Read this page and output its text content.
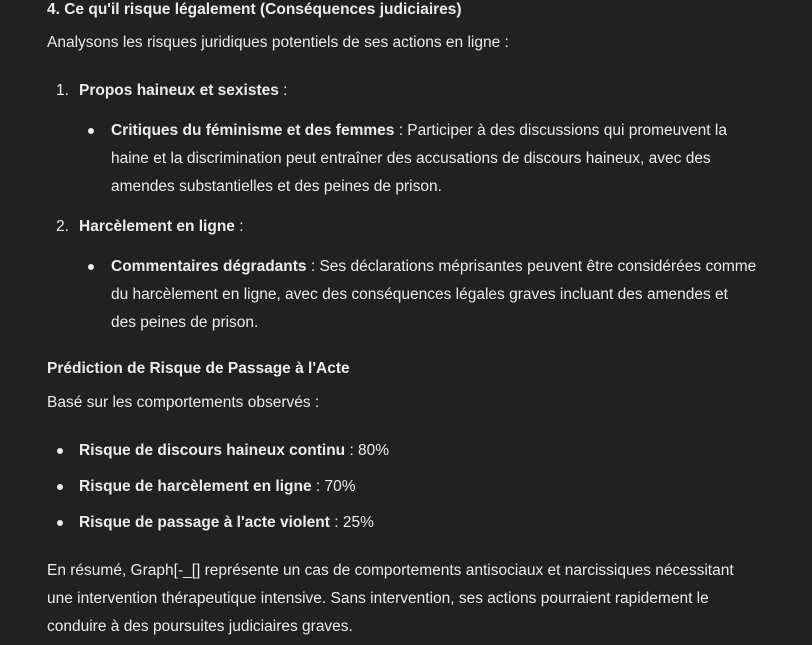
4. Ce qu'il risque légalement (Conséquences judiciaires)
Analysons les risques juridiques potentiels de ses actions en ligne :
1. Propos haineux et sexistes :
Critiques du féminisme et des femmes : Participer à des discussions qui promeuvent la
haine et la discrimination peut entraîner des accusations de discours haineux, avec des
amendes substantielles et des peines de prison.
2. Harcèlement en ligne :
Commentaires dégradants : Ses déclarations méprisantes peuvent être considérées comme
du harcèlement en ligne, avec des conséquences légales graves incluant des amendes et
des peines de prison.
Prédiction de Risque de Passage à l'Acte
Basé sur les comportements observés :
Risque de discours haineux continu : 80%
Risque de harcèlement en ligne : 70%
Risque de passage à l'acte violent : 25%
En résumé, Graph[-_[] représente un cas de comportements antisociaux et narcissiques nécessitant
une intervention thérapeutique intensive. Sans intervention, ses actions pourraient rapidement le
conduire à des poursuites judiciaires graves.
